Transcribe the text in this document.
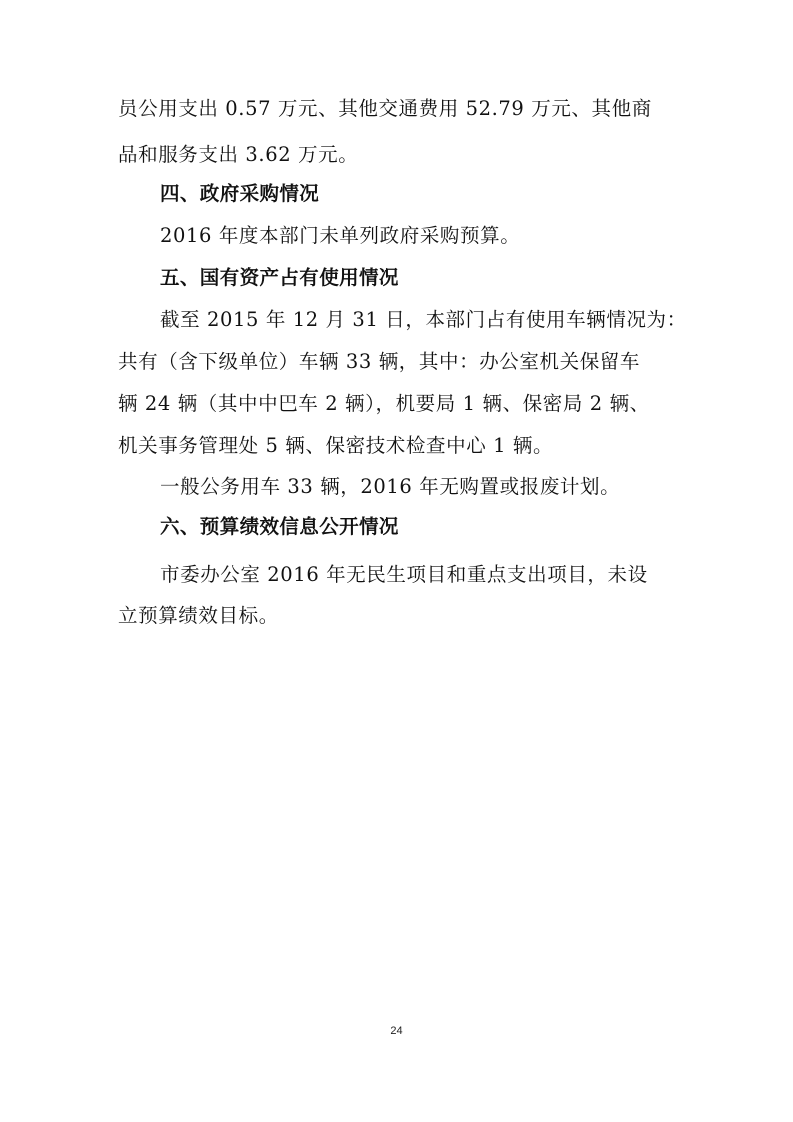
员公用支出 0.57 万元、其他交通费用 52.79 万元、其他商
品和服务支出 3.62 万元。
四、政府采购情况
2016 年度本部门未单列政府采购预算。
五、国有资产占有使用情况
截至 2015 年 12 月 31 日，本部门占有使用车辆情况为：
共有（含下级单位）车辆 33 辆，其中：办公室机关保留车
辆 24 辆（其中中巴车 2 辆），机要局 1 辆、保密局 2 辆、
机关事务管理处 5 辆、保密技术检查中心 1 辆。
一般公务用车 33 辆，2016 年无购置或报废计划。
六、预算绩效信息公开情况
市委办公室 2016 年无民生项目和重点支出项目，未设
立预算绩效目标。
24
